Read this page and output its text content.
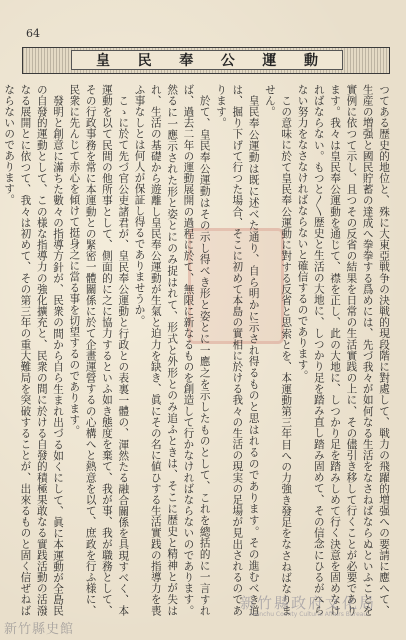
64
皇 民 奉 公 運 動

つてある歴史的地位と、殊に大東亞戦争の決戦的現段階に對處して、戦力の飛躍的増强への要請に應へて、生産の増强と國民貯蓄の達成へ拳拳する爲めには、先づ我々が如何なる生活をなさねばならぬといふことを實例に依つて示し、且つその反省の結果を日常の生活實践の上に、その儘引き移して行くことが必要であります。我々は皇民奉公運動を通じて、襟を正し、此の大地に、しつかり足を踏みしめて行く決意を固めなければならない。もつと〳〵歴史と生活の大地に、しつかり足を踏み直し踏み固めて、その信念にひるがへらない努力をなさなければならないと確信するのであります。

この意味に於て皇民奉公運動に對する反省と思索とを、本運動第三年目への力強き發足をなさねばなりません。

皇民奉公運動は既に述べた通り、自ら明かに示され得るものと思はれるのであります。その進むべき道は、掘り下げて行つた場合、そこに初めて本島の實相に於ける我々の生活の現実の足場が見出されるのであります。

於て、皇民奉公運動はその示し得べき形と姿とに一應之を示したものとして、これを總括的に一言すれば、過去二年の運動展開の過程に於て、無限に新なるものを創造して行かなければならないのであります。然るに一應示された形と姿とにのみ捉はれて、形式と外形とのみ追ふときは、そこに歴史と精神とが失はれ、生活の基礎から遊離し皇民奉公運動が生氣と迫力を缺き、眞にその名に値ひする生活實践の指導力を喪ふ事なしとは何人が保証し得るでありませうか。

こゝに於て先づ官公吏諸君が、皇民奉公運動と行政との表裏一體の、渾然たる融合關係を具現すべく、本運動を以て民間の他所事として、側面的に之に協力するといふ如き態度を棄て、我が事、我が職務として、その行政事務を常に本運動との緊密一體關係に於て企畫運營するの心構へと熱意を以て、庶政を行ふ様に、民衆に先んじて赤心を傾けて挺身之に當る事を切望するのであります。

發明と創意に滿ちた數々の指導方針が、民衆の間から自ら生まれ出づる如くにして、眞に本運動が全島民の自發的運動として、この様な指導力の強化擴充と、民衆の間に於ける自發的積極果敢なる實践活動の活潑なる展開とに依つて、我々は初めて、その第三年の重大難局を突破することが、出來るものと固く信ぜねばならないのであります。

新竹縣政府文化局
Hsinchu County Cultural Affairs Bureau
新竹縣史館
